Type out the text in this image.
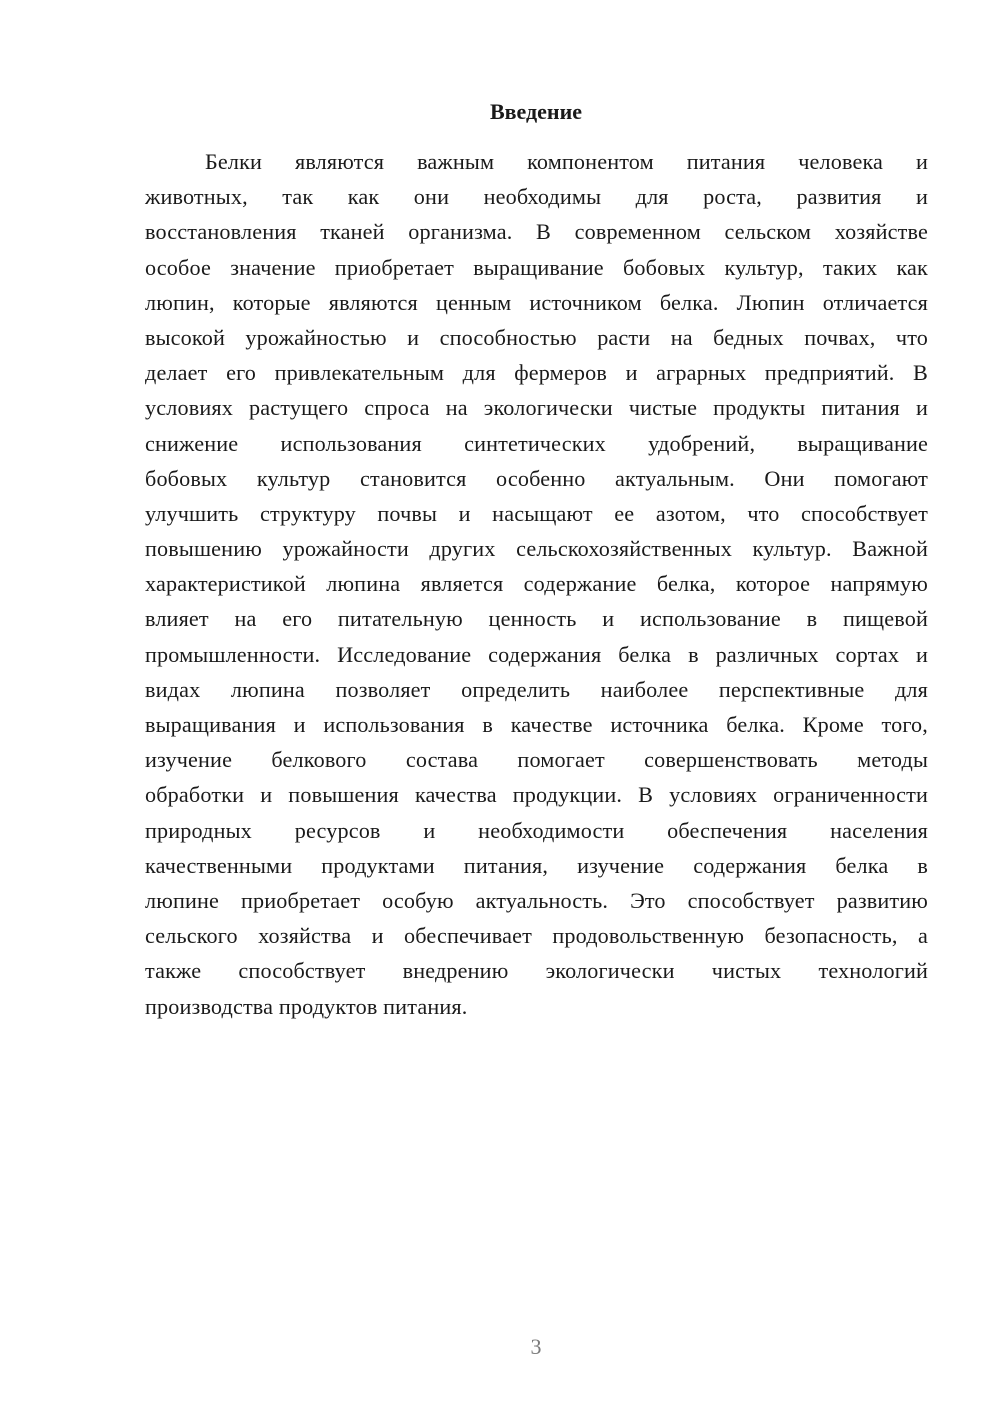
Введение
Белки являются важным компонентом питания человека и
животных, так как они необходимы для роста, развития и
восстановления тканей организма. В современном сельском хозяйстве
особое значение приобретает выращивание бобовых культур, таких как
люпин, которые являются ценным источником белка. Люпин отличается
высокой урожайностью и способностью расти на бедных почвах, что
делает его привлекательным для фермеров и аграрных предприятий. В
условиях растущего спроса на экологически чистые продукты питания и
снижение использования синтетических удобрений, выращивание
бобовых культур становится особенно актуальным. Они помогают
улучшить структуру почвы и насыщают ее азотом, что способствует
повышению урожайности других сельскохозяйственных культур. Важной
характеристикой люпина является содержание белка, которое напрямую
влияет на его питательную ценность и использование в пищевой
промышленности. Исследование содержания белка в различных сортах и
видах люпина позволяет определить наиболее перспективные для
выращивания и использования в качестве источника белка. Кроме того,
изучение белкового состава помогает совершенствовать методы
обработки и повышения качества продукции. В условиях ограниченности
природных ресурсов и необходимости обеспечения населения
качественными продуктами питания, изучение содержания белка в
люпине приобретает особую актуальность. Это способствует развитию
сельского хозяйства и обеспечивает продовольственную безопасность, а
также способствует внедрению экологически чистых технологий
производства продуктов питания.
3
